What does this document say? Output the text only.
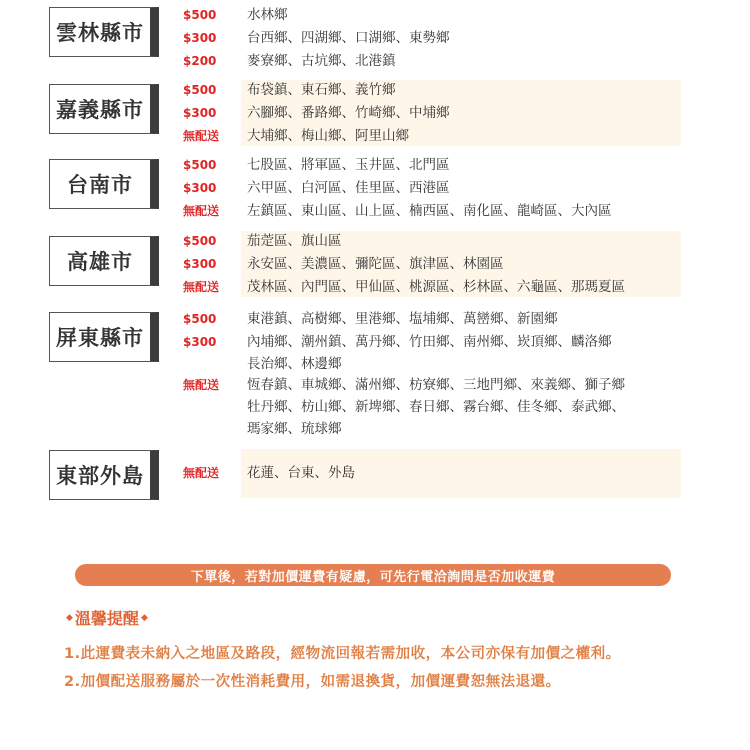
雲林縣市
$500 水林鄉
$300 台西鄉、四湖鄉、口湖鄉、東勢鄉
$200 麥寮鄉、古坑鄉、北港鎮
嘉義縣市
$500 布袋鎮、東石鄉、義竹鄉
$300 六腳鄉、番路鄉、竹崎鄉、中埔鄉
無配送 大埔鄉、梅山鄉、阿里山鄉
台南市
$500 七股區、將軍區、玉井區、北門區
$300 六甲區、白河區、佳里區、西港區
無配送 左鎮區、東山區、山上區、楠西區、南化區、龍崎區、大內區
高雄市
$500 茄萣區、旗山區
$300 永安區、美濃區、彌陀區、旗津區、林園區
無配送 茂林區、內門區、甲仙區、桃源區、杉林區、六龜區、那瑪夏區
屏東縣市
$500 東港鎮、高樹鄉、里港鄉、塩埔鄉、萬巒鄉、新園鄉
$300 內埔鄉、潮州鎮、萬丹鄉、竹田鄉、南州鄉、崁頂鄉、麟洛鄉
長治鄉、林邊鄉
無配送 恆春鎮、車城鄉、滿州鄉、枋寮鄉、三地門鄉、來義鄉、獅子鄉
牡丹鄉、枋山鄉、新埤鄉、春日鄉、霧台鄉、佳冬鄉、泰武鄉、
瑪家鄉、琉球鄉
東部外島	無配送 花蓮、台東、外島
下單後，若對加價運費有疑慮，可先行電洽詢問是否加收運費
◆ 溫馨提醒 ◆
1.此運費表未納入之地區及路段，經物流回報若需加收，本公司亦保有加價之權利。
2.加價配送服務屬於一次性消耗費用，如需退換貨，加價運費恕無法退還。
